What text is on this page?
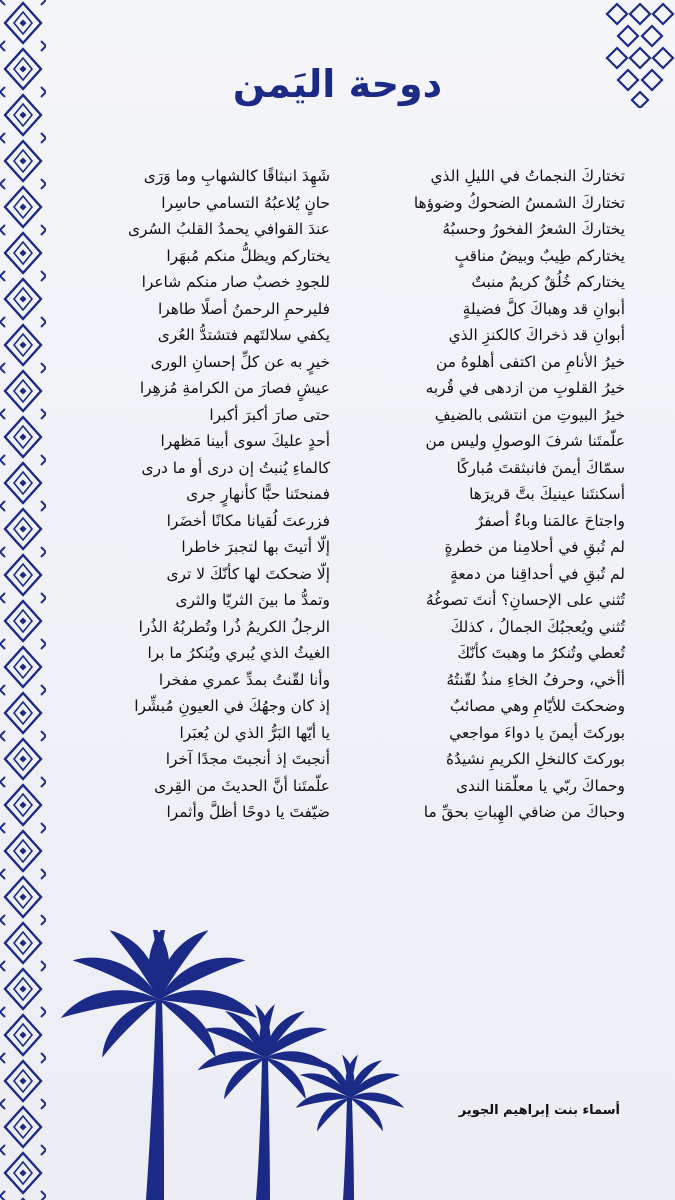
دوحة اليَمن
تختاركَ النجماتُ في الليلِ الذي
تختاركَ الشمسُ الضحوكُ وضوؤها
يختاركَ الشعرُ الفخورُ وحسبُهُ
يختاركم طِيبٌ وبيضُ مناقبٍ
يختاركم خُلُقٌ كريمٌ منبتٌ
أبوانِ قد وهباكَ كلَّ فضيلةٍ
أبوانِ قد ذخراكَ كالكنزِ الذي
خيرُ الأنامِ من اكتفى أهلوهُ من
خيرُ القلوبِ من ازدهى في قُربه
خيرُ البيوتِ من انتشى بالضيفِ
علّمتَنا شرفَ الوصولِ وليس من
سمّاكَ أيمنَ فانبثقتَ مُباركًا
أسكنتَنا عينيكَ بتَّ قريرَها
واجتاحَ عالمَنا وباءٌ أصفرٌ
لم تُبقِ في أحلامِنا من خطرةٍ
لم تُبقِ في أحداقِنا من دمعةٍ
تُثني على الإحسانِ؟ أنتَ تصوغُهُ
تُثني ويُعجبُكَ الجمالُ ، كذلكَ
تُعطي وتُنكرُ ما وهبتَ كأنّكَ
أأخي، وحرفُ الخاءِ منذُ لقّنتُهُ
وضحكتَ للأيّامِ وهي مصائبٌ
بوركتَ أيمنَ يا دواءَ مواجعي
بوركتَ كالنخلِ الكريمِ نشيدُهُ
وحماكَ ربّي يا معلّمَنا الندى
وحباكَ من ضافي الهِباتِ بحقِّ ما
شَهِدَ انبثاقًا كالشهابِ وما وَرَى
حانٍ يُلاعبُهُ التسامي حاسِرا
عندَ القوافي يحمدُ القلبُ السُرى
يختاركم ويظلُّ منكم مُبهَرا
للجودِ خصبٌ صار منكم شاعرا
فليرحمِ الرحمنُ أصلًا طاهرا
يكفي سلالتَهم فتشتدُّ العُرى
خيرٍ به عن كلِّ إحسانِ الورى
عيشٍ فصارَ من الكرامةِ مُزهِرا
حتى صارَ أكبرَ أكبرا
أحدٍ عليكَ سوى أبينا مَظهرا
كالماءِ يُنبتُ إن درى أو ما درى
فمنحتَنا حبًّا كأنهارٍ جرى
فزرعتَ لُقيانا مكانًا أخضَرا
إلّا أتيتَ بها لتجبرَ خاطرا
إلّا ضحكتَ لها كأنّكَ لا ترى
وتمدُّ ما بينَ الثريّا والثرى
الرجلُ الكريمُ ذُرا وتُطربُهُ الذُرا
الغيثُ الذي يُبري ويُنكرُ ما برا
وأنا لقّنتُ بمدِّ عمري مفخرا
إذ كان وجهُكَ في العيونِ مُبشِّرا
يا أيّها البَرُّ الذي لن يُعبَرا
أنجبتَ إذ أنجبتَ مجدًا آخرا
علّمتَنا أنَّ الحديثَ من القِرى
ضيّفتَ يا دوحًا أظلَّ وأثمرا
أسماء بنت إبراهيم الجوير
